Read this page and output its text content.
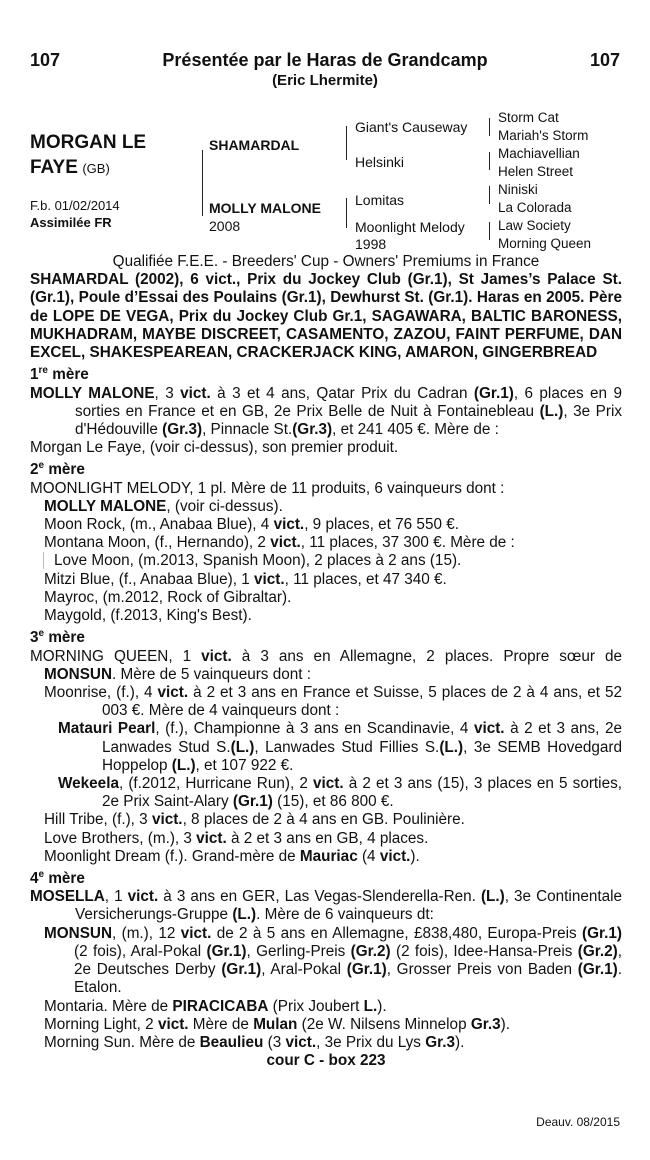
107	107
Présentée par le Haras de Grandcamp
(Eric Lhermite)
MORGAN LE
FAYE (GB)
F.b. 01/02/2014
Assimilée FR
SHAMARDAL
MOLLY MALONE
2008
Giant's Causeway
Helsinki
Lomitas
Moonlight Melody
1998
Storm Cat
Mariah's Storm
Machiavellian
Helen Street
Niniski
La Colorada
Law Society
Morning Queen

Qualifiée F.E.E. - Breeders' Cup - Owners' Premiums in France

SHAMARDAL (2002), 6 vict., Prix du Jockey Club (Gr.1), St James’s Palace St.(Gr.1), Poule d’Essai des Poulains (Gr.1), Dewhurst St. (Gr.1). Haras en 2005. Père de LOPE DE VEGA, Prix du Jockey Club Gr.1, SAGAWARA, BALTIC BARONESS, MUKHADRAM, MAYBE DISCREET, CASAMENTO, ZAZOU, FAINT PERFUME, DAN EXCEL, SHAKESPEAREAN, CRACKERJACK KING, AMARON, GINGERBREAD

1re mère

MOLLY MALONE, 3 vict. à 3 et 4 ans, Qatar Prix du Cadran (Gr.1), 6 places en 9 sorties en France et en GB, 2e Prix Belle de Nuit à Fontainebleau (L.), 3e Prix d'Hédouville (Gr.3), Pinnacle St.(Gr.3), et 241 405 €. Mère de :

Morgan Le Faye, (voir ci-dessus), son premier produit.

2e mère

MOONLIGHT MELODY, 1 pl. Mère de 11 produits, 6 vainqueurs dont :

MOLLY MALONE, (voir ci-dessus).

Moon Rock, (m., Anabaa Blue), 4 vict., 9 places, et 76 550 €.

Montana Moon, (f., Hernando), 2 vict., 11 places, 37 300 €. Mère de :

Love Moon, (m.2013, Spanish Moon), 2 places à 2 ans (15).

Mitzi Blue, (f., Anabaa Blue), 1 vict., 11 places, et 47 340 €.

Mayroc, (m.2012, Rock of Gibraltar).

Maygold, (f.2013, King's Best).

3e mère

MORNING QUEEN, 1 vict. à 3 ans en Allemagne, 2 places. Propre sœur de MONSUN. Mère de 5 vainqueurs dont :

Moonrise, (f.), 4 vict. à 2 et 3 ans en France et Suisse, 5 places de 2 à 4 ans, et 52 003 €. Mère de 4 vainqueurs dont :

Matauri Pearl, (f.), Championne à 3 ans en Scandinavie, 4 vict. à 2 et 3 ans, 2e Lanwades Stud S.(L.), Lanwades Stud Fillies S.(L.), 3e SEMB Hovedgard Hoppelop (L.), et 107 922 €.

Wekeela, (f.2012, Hurricane Run), 2 vict. à 2 et 3 ans (15), 3 places en 5 sorties, 2e Prix Saint-Alary (Gr.1) (15), et 86 800 €.

Hill Tribe, (f.), 3 vict., 8 places de 2 à 4 ans en GB. Poulinière.

Love Brothers, (m.), 3 vict. à 2 et 3 ans en GB, 4 places.

Moonlight Dream (f.). Grand-mère de Mauriac (4 vict.).

4e mère

MOSELLA, 1 vict. à 3 ans en GER, Las Vegas-Slenderella-Ren. (L.), 3e Continentale Versicherungs-Gruppe (L.). Mère de 6 vainqueurs dt:

MONSUN, (m.), 12 vict. de 2 à 5 ans en Allemagne, £838,480, Europa-Preis (Gr.1) (2 fois), Aral-Pokal (Gr.1), Gerling-Preis (Gr.2) (2 fois), Idee-Hansa-Preis (Gr.2), 2e Deutsches Derby (Gr.1), Aral-Pokal (Gr.1), Grosser Preis von Baden (Gr.1). Etalon.

Montaria. Mère de PIRACICABA (Prix Joubert L.).

Morning Light, 2 vict. Mère de Mulan (2e W. Nilsens Minnelop Gr.3).

Morning Sun. Mère de Beaulieu (3 vict., 3e Prix du Lys Gr.3).

cour C - box 223

Deauv. 08/2015
